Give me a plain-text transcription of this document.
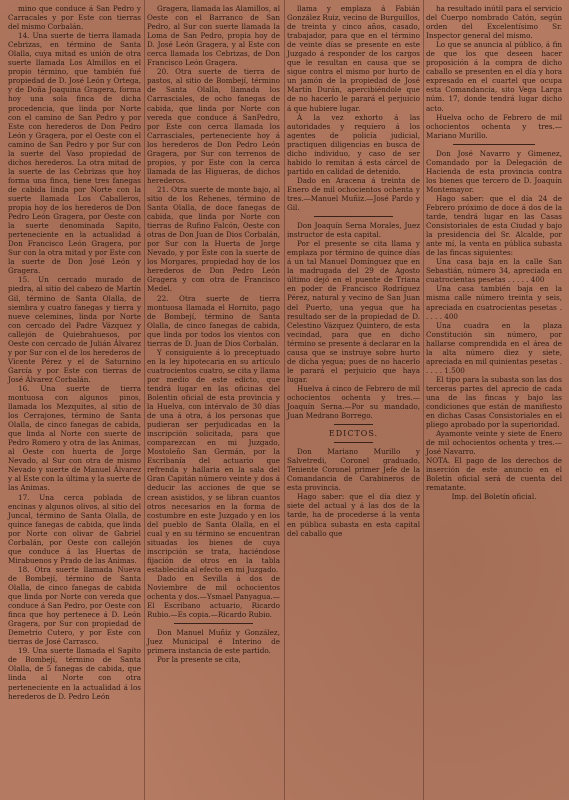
mino que conduce á San Pedro y Carracales y por Este con tierras del mismo Corbalán.

14. Una suerte de tierra llamada Cebrizas, en término de Santa Olalla, cuya mitad es unión de otra suerte llamada Los Almillos en el propio término, que también fué propiedad de D. José León y Ortega, y de Doña Joaquina Gragera, forma hoy una sola finca de dicha procedencia, que linda por Norte con el camino de San Pedro y por Este con herederos de Don Pedro León y Gragera, por el Oeste con el camino de San Pedro y por Sur con la suerte del Vaso propiedad de dichos herederos. La otra mitad de la suerte de las Cebrizas que hoy forma una finca, tiene tres fanegas de cabida linda por Norte con la suerte llamada Los Caballeros, propia hoy de los herederos de Don Pedro León Gragera, por Oeste con la suerte denominada Sapito, perteneciente en la actualidad á Don Francisco León Gragera, por Sur con la otra mitad y por Este con la suerte de Don José León y Gragera.

15. Un cercado murado de piedra, al sitio del cabezo de Martín Gil, término de Santa Olalla, de siembra y cuatro fanegas y tierra y nueve celemines, linda por Norte con cercado del Padre Vázquez y callejón de Quiebrahuesos, por Oeste con cercado de Julián Álvarez y por Sur con el de los herederos de Vicente Pérez y el de Saturnino García y por Este con tierras de José Álvarez Corbalán.

16. Una suerte de tierra montuosa con algunos pinos, llamada los Mezquites, al sitio de los Cerrajones, término de Santa Olalla, de cinco fanegas de cabida, que linda al Norte con suerte de Pedro Romero y otra de las Animas, al Oeste con huerta de Jorge Nevado, al Sur con otra de mismo Nevado y suerte de Manuel Álvarez y al Este con la última y la suerte de las Animas.

17. Una cerca poblada de encinas y algunos olivos, al sitio del Juncal, término de Santa Olalla, de quince fanegas de cabida, que linda por Norte con olivar de Gabriel Corbalán, por Oeste con callejón que conduce á las Huertas de Mirabuenos y Prado de las Animas.

18. Otra suerte llamada Nueva de Bombejí, término de Santa Olalla, de cinco fanegas de cabida que linda por Norte con vereda que conduce á San Pedro, por Oeste con finca que hoy pertenece á D. León Gragera, por Sur con propiedad de Demetrio Cutero, y por Este con tierras de José Carrasco.

19. Una suerte llamada el Sapito de Bombejí, término de Santa Olalla, de 5 fanegas de cabida, que linda al Norte con otra perteneciente en la actualidad á los herederos de D. Pedro León

Gragera, llamada las Alamillos, al Oeste con el Barranco de San Pedro, al Sur con suerte llamada la Loma de San Pedro, propia hoy de D. José León Gragera, y al Este con cerca llamada los Cebrizas, de Don Francisco León Gragera.

20. Otra suerte de tierra de pastos, al sitio de Bombejí, término de Santa Olalla, llamada los Carrasciales, de ocho fanegas de cabida, que linda por Norte con vereda que conduce á SanPedro, por Este con cerca llamada los Carrasciales, perteneciente hoy á los herederos de Don Pedro León Gragera, por Sur con terrenos de propios, y por Este con la cerca llamada de las Higueras, de dichos herederos.

21. Otra suerte de monte bajo, al sitio de los Rehenes, término de Santa Olalla, de doce fanegas de cabida, que linda por Norte con tierras de Rufino Falcón, Oeste con otras de Don Juan de Dios Corbalán, por Sur con la Huerta de Jorge Nevado, y por Este con la suerte de los Morgares, propiedad hoy de los herederos de Don Pedro León Gragera y con otra de Francisco Medel.

22. Otra suerte de tierra montuosa llamada el Hornito, pago de Bombejí, término de Santa Olalla, de cinco fanegas de cabida, que linda por todos los vientos con tierras de D. Juan de Dios Corbalán.

Y consiguiente á lo preceptuado en la ley hipotecaria en su artículo cuatrocientos cuatro, se cita y llama por medio de este edicto, que tendrá lugar en las oficinas del Bolentin oficial de esta provincia y la Huelva, con intérvalo de 30 días de una á otra, á los personas que pudieran ser perjudicadas en la inscripción solicitada, para que comparezcan en mi Juzgado, Mostoleño San Germán, por la Escribanía del actuario que refrenda y hallaria en la sala del Gran Capitán número veinte y dos á deducir las acciones de que se crean asistidos, y se libran cuantos otros necesarios en la forma de costumbre en este Juzgado y en los del pueblo de Santa Olalla, en el cual y en su término se encuentran situadas los bienes de cuya inscripción se trata, haciéndose fijación de otros en la tabla establecida al efecto en mi Juzgado.

Dado en Sevilla á dos de Noviembre de mil ochocientos ochenta y dos.—Ysmael Panyagua.—El Escribano actuario, Ricardo Rubio.—Es copia.—Ricardo Rubio.

Don Manuel Muñiz y González, Juez Municipal é Interino de primera instancia de este partido.

Por la presente se cita,

llama y emplaza á Fabián González Ruiz, vecino de Burguillos, de treinta y cinco años, casado, trabajador, para que en el término de veinte días se presente en este Juzgado á responder de los cargos que le resultan en causa que se sigue contra el mismo por hurto de un jamón de la propiedad de José Martín Durán, apercibiéndole que de no hacerlo le parará el perjuicio á que hubiere lugar.

Á la vez exhorto á las autoridades y requiero á los agentes de policía judicial, practiquen diligencias en busca de dicho individuo, y caso de ser habido lo remitan á esta cárcel de partido en calidad de detenido.

Dado en Aracena á treinta de Enero de mil ochocientos ochenta y tres.—Manuel Muñiz.—José Pardo y Gil.

Don Joaquín Serna Morales, Juez instructor de esta capital.

Por el presente se cita llama y emplaza por término de quince días á un tal Manuel Domínguez que en la madrugada del 29 de Agosto último dejó en el puente de Triana en poder de Francisco Rodríguez Pérez, natural y vecino de San Juan del Puerto, una yegua que ha resultado ser de la propiedad de D. Celestino Vázquez Quintero, de esta vecindad, para que en dicho término se presente á declarar en la causa que se instruye sobre hurto de dicha yegua; pues de no hacerlo le parará el perjuicio que haya lugar.

Huelva á cinco de Febrero de mil ochocientos ochenta y tres.—Joaquín Serna.—Por su mandado, Juan Medrano Borrego.

EDICTOS.

Don Mariano Murillo y Salvetredi, Coronel graduado, Teniente Coronel primer Jefe de la Comandancia de Carabineros de esta provincia.

Hago saber: que el día diez y siete del actual y á las dos de la tarde, ha de procederse á la venta en pública subasta en esta capital del caballo que

ha resultado inútil para el servicio del Cuerpo nombrado Catón, según orden del Excelentísimo Sr. Inspector general del mismo.

Lo que se anuncia al público, á fin de que los que deseen hacer proposición á la compra de dicho caballo se presenten en el día y hora expresado en el cuartel que ocupa esta Comandancia, sito Vega Larga núm. 17, donde tendrá lugar dicho acto.

Huelva ocho de Febrero de mil ochocientos ochenta y tres.—Mariano Murillo.

Don José Navarro y Gimenez, Comandado por la Delegación de Hacienda de esta provincia contra los bienes que tercero de D. Joaquín Montemayor.

Hago saber: que el día 24 de Febrero próximo de doce á dos de la tarde, tendrá lugar en las Casas Consistoriales de esta Ciudad y bajo la presidencia del Sr. Alcalde, por ante mí, la venta en pública subasta de las fincas siguientes:

Una casa baja en la calle San Sebastián, número 34, apreciada en cuatrocientas pesetas . . . . . 400

Una casa también baja en la misma calle número treinta y seis, apreciada en cuatrocientas pesetas . . . . . 400

Una cuadra en la plaza Constitución sin número, por hallarse comprendida en el área de la alta número diez y siete, apreciada en mil quinientas pesetas . . . . . 1.500

El tipo para la subasta son las dos terceras partes del aprecio de cada una de las fincas y bajo las condiciones que están de manifiesto en dichas Casas Consistoriales en el pliego aprobado por la superioridad.

Ayamonte veinte y siete de Enero de mil ochocientos ochenta y tres.—José Navarro.

NOTA. El pago de los derechos de inserción de este anuncio en el Boletín oficial será de cuenta del rematante.

Imp. del Boletín oficial.
